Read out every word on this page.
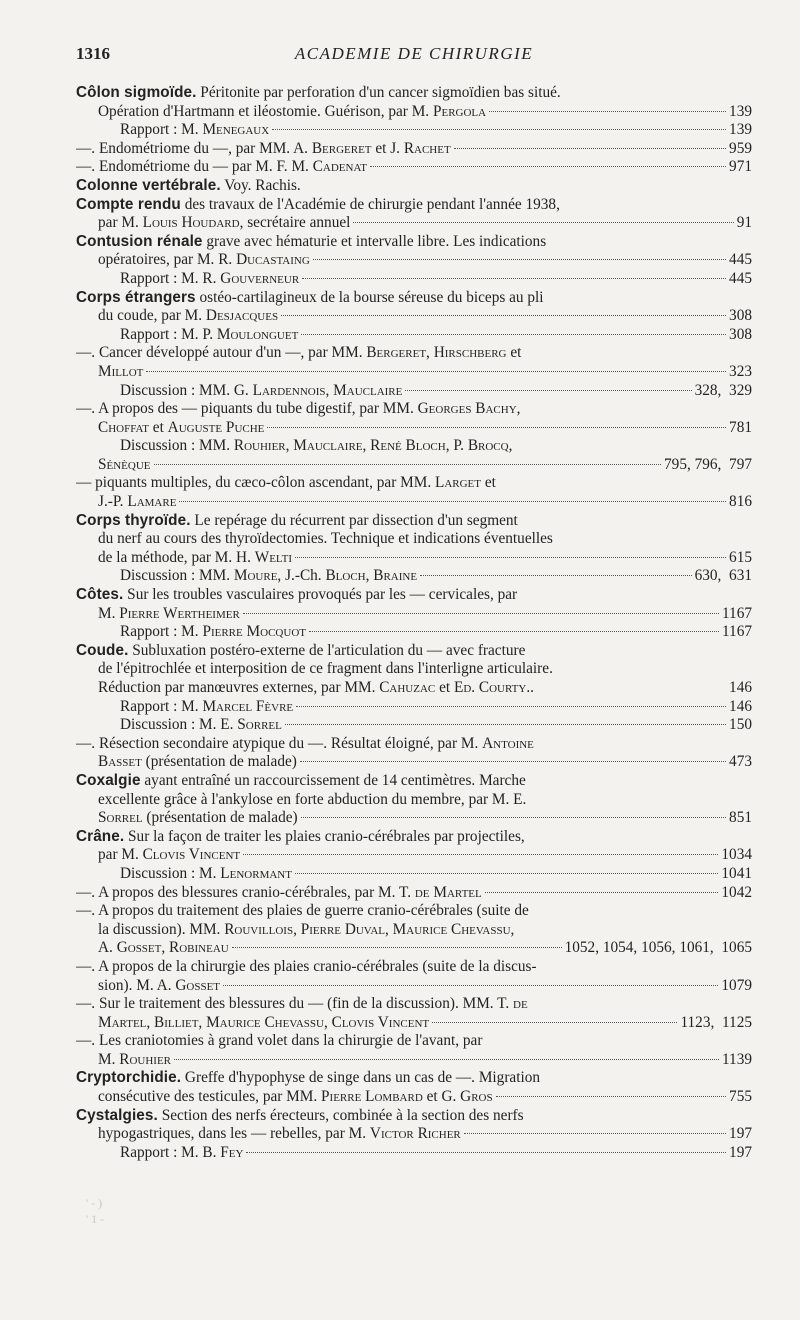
1316	ACADEMIE DE CHIRURGIE
Côlon sigmoïde. Péritonite par perforation d'un cancer sigmoïdien bas situé.
Opération d'Hartmann et iléostomie. Guérison, par M. Pergola	139
Rapport : M. Menegaux	139
—. Endométriome du —, par MM. A. Bergeret et J. Rachet	959
—. Endométriome du — par M. F. M. Cadenat	971
Colonne vertébrale. Voy. Rachis.
Compte rendu des travaux de l'Académie de chirurgie pendant l'année 1938,
par M. Louis Houdard, secrétaire annuel	91
Contusion rénale grave avec hématurie et intervalle libre. Les indications
opératoires, par M. R. Ducastaing	445
Rapport : M. R. Gouverneur	445
Corps étrangers ostéo-cartilagineux de la bourse séreuse du biceps au pli
du coude, par M. Desjacques	308
Rapport : M. P. Moulonguet	308
—. Cancer développé autour d'un —, par MM. Bergeret, Hirschberg et
Millot	323
Discussion : MM. G. Lardennois, Mauclaire	328, 329
—. A propos des — piquants du tube digestif, par MM. Georges Bachy,
Choffat et Auguste Puche	781
Discussion : MM. Rouhier, Mauclaire, René Bloch, P. Brocq,
Sénèque	795, 796, 797
— piquants multiples, du cæco-côlon ascendant, par MM. Larget et
J.-P. Lamare	816
Corps thyroïde. Le repérage du récurrent par dissection d'un segment
du nerf au cours des thyroïdectomies. Technique et indications éventuelles
de la méthode, par M. H. Welti	615
Discussion : MM. Moure, J.-Ch. Bloch, Braine	630, 631
Côtes. Sur les troubles vasculaires provoqués par les — cervicales, par
M. Pierre Wertheimer	1167
Rapport : M. Pierre Mocquot	1167
Coude. Subluxation postéro-externe de l'articulation du — avec fracture
de l'épitrochlée et interposition de ce fragment dans l'interligne articulaire.
Réduction par manœuvres externes, par MM. Cahuzac et Ed. Courty..	146
Rapport : M. Marcel Fèvre	146
Discussion : M. E. Sorrel	150
—. Résection secondaire atypique du —. Résultat éloigné, par M. Antoine
Basset (présentation de malade)	473
Coxalgie ayant entraîné un raccourcissement de 14 centimètres. Marche
excellente grâce à l'ankylose en forte abduction du membre, par M. E.
Sorrel (présentation de malade)	851
Crâne. Sur la façon de traiter les plaies cranio-cérébrales par projectiles,
par M. Clovis Vincent	1034
Discussion : M. Lenormant	1041
—. A propos des blessures cranio-cérébrales, par M. T. de Martel	1042
—. A propos du traitement des plaies de guerre cranio-cérébrales (suite de
la discussion). MM. Rouvillois, Pierre Duval, Maurice Chevassu,
A. Gosset, Robineau	1052, 1054, 1056, 1061, 1065
—. A propos de la chirurgie des plaies cranio-cérébrales (suite de la discus-
sion). M. A. Gosset	1079
—. Sur le traitement des blessures du — (fin de la discussion). MM. T. de
Martel, Billiet, Maurice Chevassu, Clovis Vincent	1123, 1125
—. Les craniotomies à grand volet dans la chirurgie de l'avant, par
M. Rouhier	1139
Cryptorchidie. Greffe d'hypophyse de singe dans un cas de —. Migration
consécutive des testicules, par MM. Pierre Lombard et G. Gros	755
Cystalgies. Section des nerfs érecteurs, combinée à la section des nerfs
hypogastriques, dans les — rebelles, par M. Victor Richer	197
Rapport : M. B. Fey	197
' - )
' 1 -
